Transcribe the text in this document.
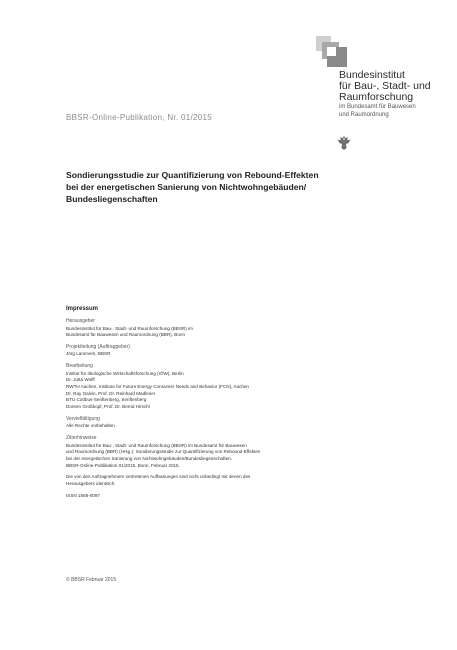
Bundesinstitut
für Bau-, Stadt- und
Raumforschung
im Bundesamt für Bauwesen
und Raumordnung
BBSR-Online-Publikation, Nr. 01/2015
Sondierungsstudie zur Quantifizierung von Rebound-Effekten
bei der energetischen Sanierung von Nichtwohngebäuden/
Bundesliegenschaften
Impressum
Herausgeber
Bundesinstitut für Bau-, Stadt- und Raumforschung (BBSR) im
Bundesamt für Bauwesen und Raumordnung (BBR), Bonn
Projektleitung (Auftraggeber)
Jörg Lammers, BBSR
Bearbeitung
Institut für ökologische Wirtschaftsforschung (IÖW), Berlin
Dr. Jutta Wolff
RWTH Aachen, Institute for Future Energy Consumer Needs and Behavior (FCN), Aachen
Dr. Ray Galvin, Prof. Dr. Reinhard Madlener
BTU Cottbus-Senftenberg, Senftenberg
Doreen Großkopf, Prof. Dr. Bernd Hirschl
Vervielfältigung
Alle Rechte vorbehalten
Zitierhinweise
Bundesinstitut für Bau-, Stadt- und Raumforschung (BBSR) im Bundesamt für Bauwesen
und Raumordnung (BBR) (Hrsg.): Sondierungsstudie zur Quantifizierung von Rebound-Effekten
bei der energetischen Sanierung von Nichtwohngebäuden/Bundesliegenschaften.
BBSR-Online-Publikation 01/2015, Bonn, Februar 2015.
Die von den Auftragnehmern vertretenen Auffassungen sind nicht unbedingt mit denen des
Herausgebers identisch.
ISSN 1868-0097
© BBSR Februar 2015
